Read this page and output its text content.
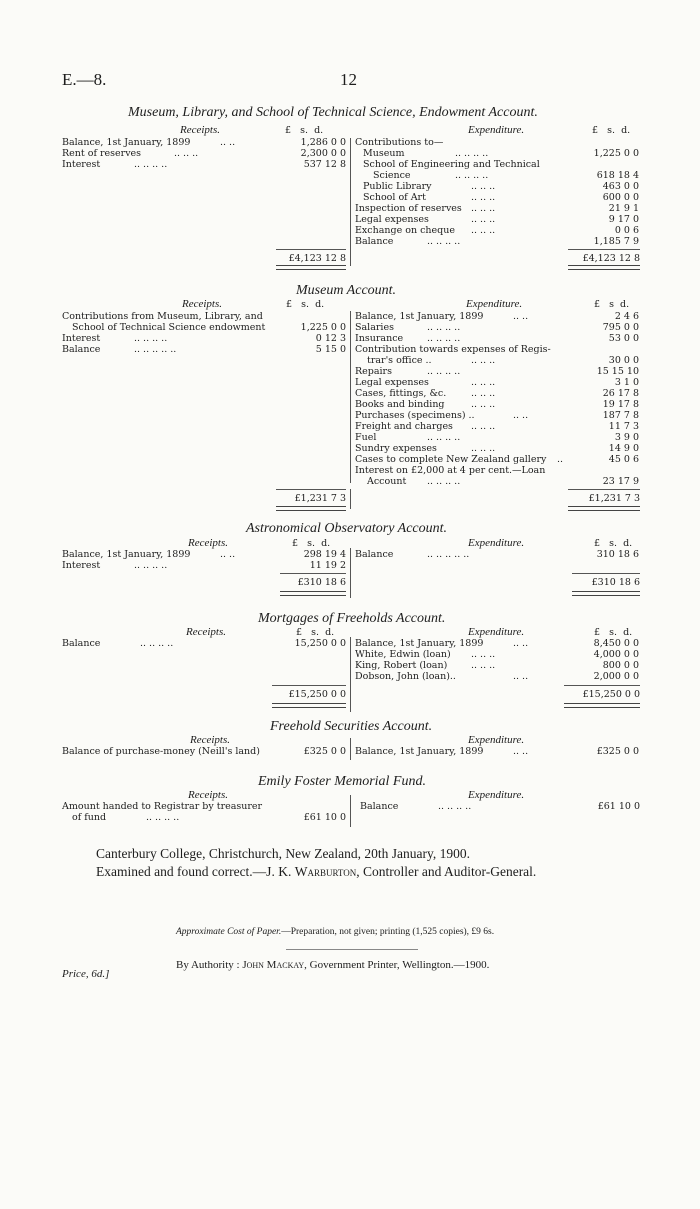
E.—8.	12
Museum, Library, and School of Technical Science, Endowment Account.
Receipts.	Expenditure.
£ s. d.	£ s. d.
Balance, 1st January, 1899	.. ..	1,286 0 0
Rent of reserves	.. .. ..	2,300 0 0
Interest	.. .. .. ..	537 12 8
Contributions to—
Museum	.. .. .. ..	1,225 0 0
School of Engineering and Technical
Science	.. .. .. ..	618 18 4
Public Library	.. .. ..	463 0 0
School of Art	.. .. ..	600 0 0
Inspection of reserves .. .. ..	21 9 1
Legal expenses	.. .. ..	9 17 0
Exchange on cheque .. .. ..	0 0 6
Balance	.. .. .. ..	1,185 7 9
£4,123 12 8	£4,123 12 8
Museum Account.
Receipts.	Expenditure.
£ s. d.	£ s d.
Contributions from Museum, Library, and
School of Technical Science endowment	1,225 0 0
Interest	.. .. .. ..	0 12 3
Balance	.. .. .. .. ..	5 15 0
Balance, 1st January, 1899	.. ..	2 4 6
Salaries	.. .. .. ..	795 0 0
Insurance	.. .. .. ..	53 0 0
Contribution towards expenses of Regis-
trar's office ..	.. .. ..	30 0 0
Repairs	.. .. .. ..	15 15 10
Legal expenses	.. .. ..	3 1 0
Cases, fittings, &c.	.. .. ..	26 17 8
Books and binding	.. .. ..	19 17 8
Purchases (specimens) ..	.. ..	187 7 8
Freight and charges .. .. ..	11 7 3
Fuel	.. .. .. ..	3 9 0
Sundry expenses	.. .. ..	14 9 0
Cases to complete New Zealand gallery ..	45 0 6
Interest on £2,000 at 4 per cent.—Loan
Account .. .. .. ..	23 17 9
£1,231 7 3	£1,231 7 3
Astronomical Observatory Account.
Receipts.	Expenditure.
£ s. d.	£ s. d.
Balance, 1st January, 1899	.. ..	298 19 4
Interest	.. .. .. ..	11 19 2
Balance	.. .. .. .. ..	310 18 6
£310 18 6	£310 18 6
Mortgages of Freeholds Account.
Receipts.	Expenditure.
£ s. d.	£ s. d.
Balance	.. .. .. ..	15,250 0 0 Balance, 1st January, 1899	.. ..	8,450 0 0
White, Edwin (loan) .. .. ..	4,000 0 0
King, Robert (loan) .. .. ..	800 0 0
Dobson, John (loan)..	.. ..	2,000 0 0
£15,250 0 0	£15,250 0 0
Freehold Securities Account.
Receipts.	Expenditure.
Balance of purchase-money (Neill's land)	£325 0 0 Balance, 1st January, 1899	.. ..	£325 0 0
Emily Foster Memorial Fund.
Receipts.	Expenditure.
Amount handed to Registrar by treasurer
of fund	.. .. .. ..	£61 10 0
Balance	.. .. .. ..	£61 10 0
Canterbury College, Christchurch, New Zealand, 20th January, 1900.
Examined and found correct.—J. K. Warburton, Controller and Auditor-General.
Approximate Cost of Paper.—Preparation, not given; printing (1,525 copies), £9 6s.
By Authority : John Mackay, Government Printer, Wellington.—1900.
Price, 6d.]
